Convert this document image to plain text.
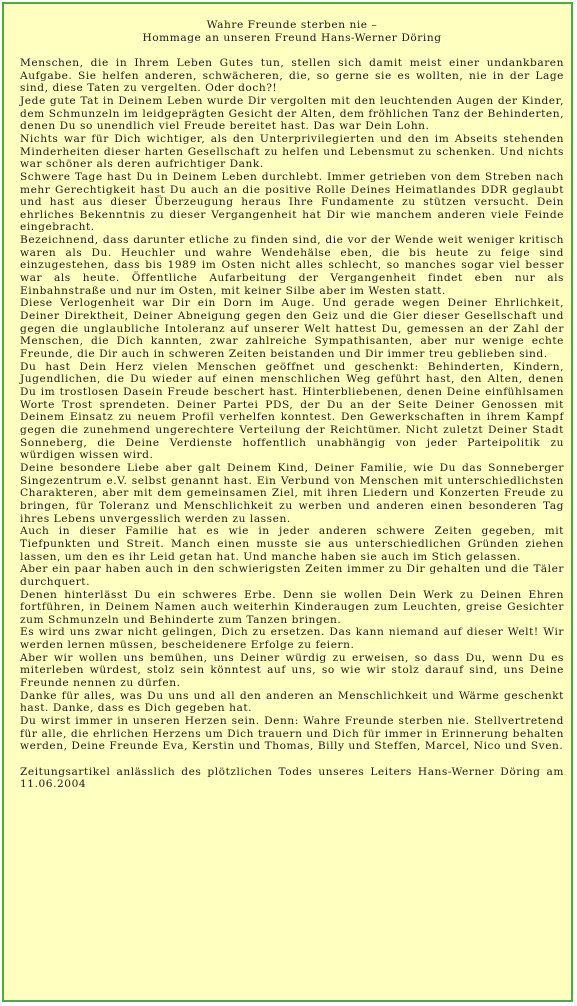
Wahre Freunde sterben nie –
Hommage an unseren Freund Hans-Werner Döring

Menschen, die in Ihrem Leben Gutes tun, stellen sich damit meist einer undankbaren Aufgabe. Sie helfen anderen, schwächeren, die, so gerne sie es wollten, nie in der Lage sind, diese Taten zu vergelten. Oder doch?!

Jede gute Tat in Deinem Leben wurde Dir vergolten mit den leuchtenden Augen der Kinder, dem Schmunzeln im leidgeprägten Gesicht der Alten, dem fröhlichen Tanz der Behinderten, denen Du so unendlich viel Freude bereitet hast. Das war Dein Lohn.

Nichts war für Dich wichtiger, als den Unterprivilegierten und den im Abseits stehenden Minderheiten dieser harten Gesellschaft zu helfen und Lebensmut zu schenken. Und nichts war schöner als deren aufrichtiger Dank.

Schwere Tage hast Du in Deinem Leben durchlebt. Immer getrieben von dem Streben nach mehr Gerechtigkeit hast Du auch an die positive Rolle Deines Heimatlandes DDR geglaubt und hast aus dieser Überzeugung heraus Ihre Fundamente zu stützen versucht. Dein ehrliches Bekenntnis zu dieser Vergangenheit hat Dir wie manchem anderen viele Feinde eingebracht.

Bezeichnend, dass darunter etliche zu finden sind, die vor der Wende weit weniger kritisch waren als Du. Heuchler und wahre Wendehälse eben, die bis heute zu feige sind einzugestehen, dass bis 1989 im Osten nicht alles schlecht, so manches sogar viel besser war als heute. Öffentliche Aufarbeitung der Vergangenheit findet eben nur als Einbahnstraße und nur im Osten, mit keiner Silbe aber im Westen statt.

Diese Verlogenheit war Dir ein Dorn im Auge. Und gerade wegen Deiner Ehrlichkeit, Deiner Direktheit, Deiner Abneigung gegen den Geiz und die Gier dieser Gesellschaft und gegen die unglaubliche Intoleranz auf unserer Welt hattest Du, gemessen an der Zahl der Menschen, die Dich kannten, zwar zahlreiche Sympathisanten, aber nur wenige echte Freunde, die Dir auch in schweren Zeiten beistanden und Dir immer treu geblieben sind.

Du hast Dein Herz vielen Menschen geöffnet und geschenkt: Behinderten, Kindern, Jugendlichen, die Du wieder auf einen menschlichen Weg geführt hast, den Alten, denen Du im trostlosen Dasein Freude beschert hast. Hinterbliebenen, denen Deine einfühlsamen Worte Trost sprendeten. Deiner Partei PDS, der Du an der Seite Deiner Genossen mit Deinem Einsatz zu neuem Profil verhelfen konntest. Den Gewerkschaften in ihrem Kampf gegen die zunehmend ungerechtere Verteilung der Reichtümer. Nicht zuletzt Deiner Stadt Sonneberg, die Deine Verdienste hoffentlich unabhängig von jeder Parteipolitik zu würdigen wissen wird.

Deine besondere Liebe aber galt Deinem Kind, Deiner Familie, wie Du das Sonneberger Singezentrum e.V. selbst genannt hast. Ein Verbund von Menschen mit unterschiedlichsten Charakteren, aber mit dem gemeinsamen Ziel, mit ihren Liedern und Konzerten Freude zu bringen, für Toleranz und Menschlichkeit zu werben und anderen einen besonderen Tag ihres Lebens unvergesslich werden zu lassen.

Auch in dieser Familie hat es wie in jeder anderen schwere Zeiten gegeben, mit Tiefpunkten und Streit. Manch einen musste sie aus unterschiedlichen Gründen ziehen lassen, um den es ihr Leid getan hat. Und manche haben sie auch im Stich gelassen.

Aber ein paar haben auch in den schwierigsten Zeiten immer zu Dir gehalten und die Täler durchquert.

Denen hinterlässt Du ein schweres Erbe. Denn sie wollen Dein Werk zu Deinen Ehren fortführen, in Deinem Namen auch weiterhin Kinderaugen zum Leuchten, greise Gesichter zum Schmunzeln und Behinderte zum Tanzen bringen.

Es wird uns zwar nicht gelingen, Dich zu ersetzen. Das kann niemand auf dieser Welt! Wir werden lernen müssen, bescheidenere Erfolge zu feiern.

Aber wir wollen uns bemühen, uns Deiner würdig zu erweisen, so dass Du, wenn Du es miterleben würdest, stolz sein könntest auf uns, so wie wir stolz darauf sind, uns Deine Freunde nennen zu dürfen.

Danke für alles, was Du uns und all den anderen an Menschlichkeit und Wärme geschenkt hast. Danke, dass es Dich gegeben hat.

Du wirst immer in unseren Herzen sein. Denn: Wahre Freunde sterben nie. Stellvertretend für alle, die ehrlichen Herzens um Dich trauern und Dich für immer in Erinnerung behalten werden, Deine Freunde Eva, Kerstin und Thomas, Billy und Steffen, Marcel, Nico und Sven.

Zeitungsartikel anlässlich des plötzlichen Todes unseres Leiters Hans-Werner Döring am 11.06.2004
